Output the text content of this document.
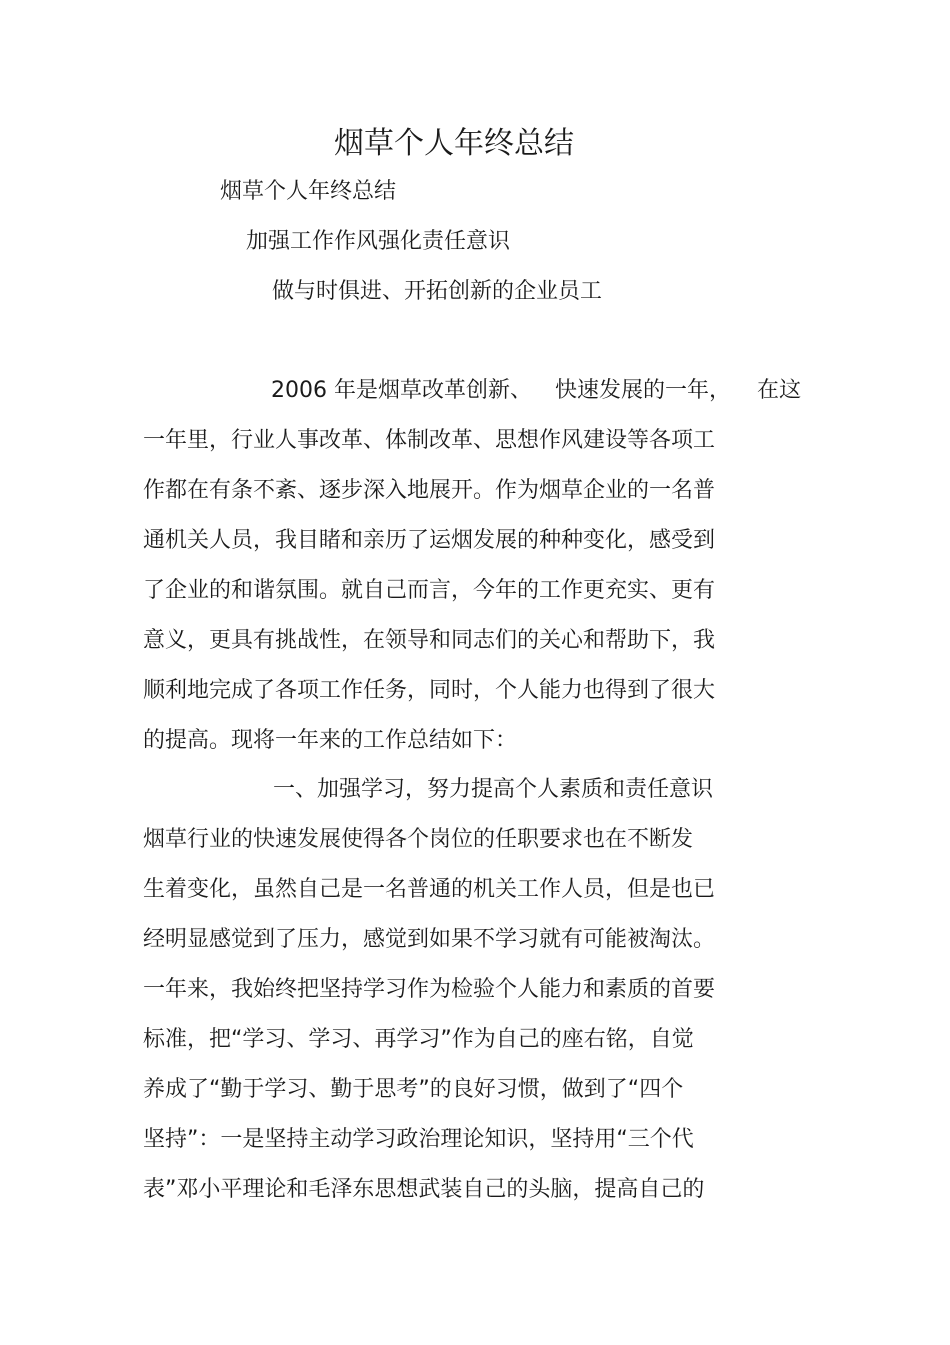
烟草个人年终总结
烟草个人年终总结
加强工作作风强化责任意识
做与时俱进、开拓创新的企业员工
2006 年是烟草改革创新、 快速发展的一年， 在这
一年里，行业人事改革、体制改革、思想作风建设等各项工
作都在有条不紊、逐步深入地展开。作为烟草企业的一名普
通机关人员，我目睹和亲历了运烟发展的种种变化，感受到
了企业的和谐氛围。就自己而言，今年的工作更充实、更有
意义，更具有挑战性，在领导和同志们的关心和帮助下，我
顺利地完成了各项工作任务，同时，个人能力也得到了很大
的提高。现将一年来的工作总结如下：
一、加强学习，努力提高个人素质和责任意识
烟草行业的快速发展使得各个岗位的任职要求也在不断发
生着变化，虽然自己是一名普通的机关工作人员，但是也已
经明显感觉到了压力，感觉到如果不学习就有可能被淘汰。
一年来，我始终把坚持学习作为检验个人能力和素质的首要
标准，把“学习、学习、再学习”作为自己的座右铭，自觉
养成了“勤于学习、勤于思考”的良好习惯，做到了“四个
坚持”：一是坚持主动学习政治理论知识，坚持用“三个代
表”邓小平理论和毛泽东思想武装自己的头脑，提高自己的
